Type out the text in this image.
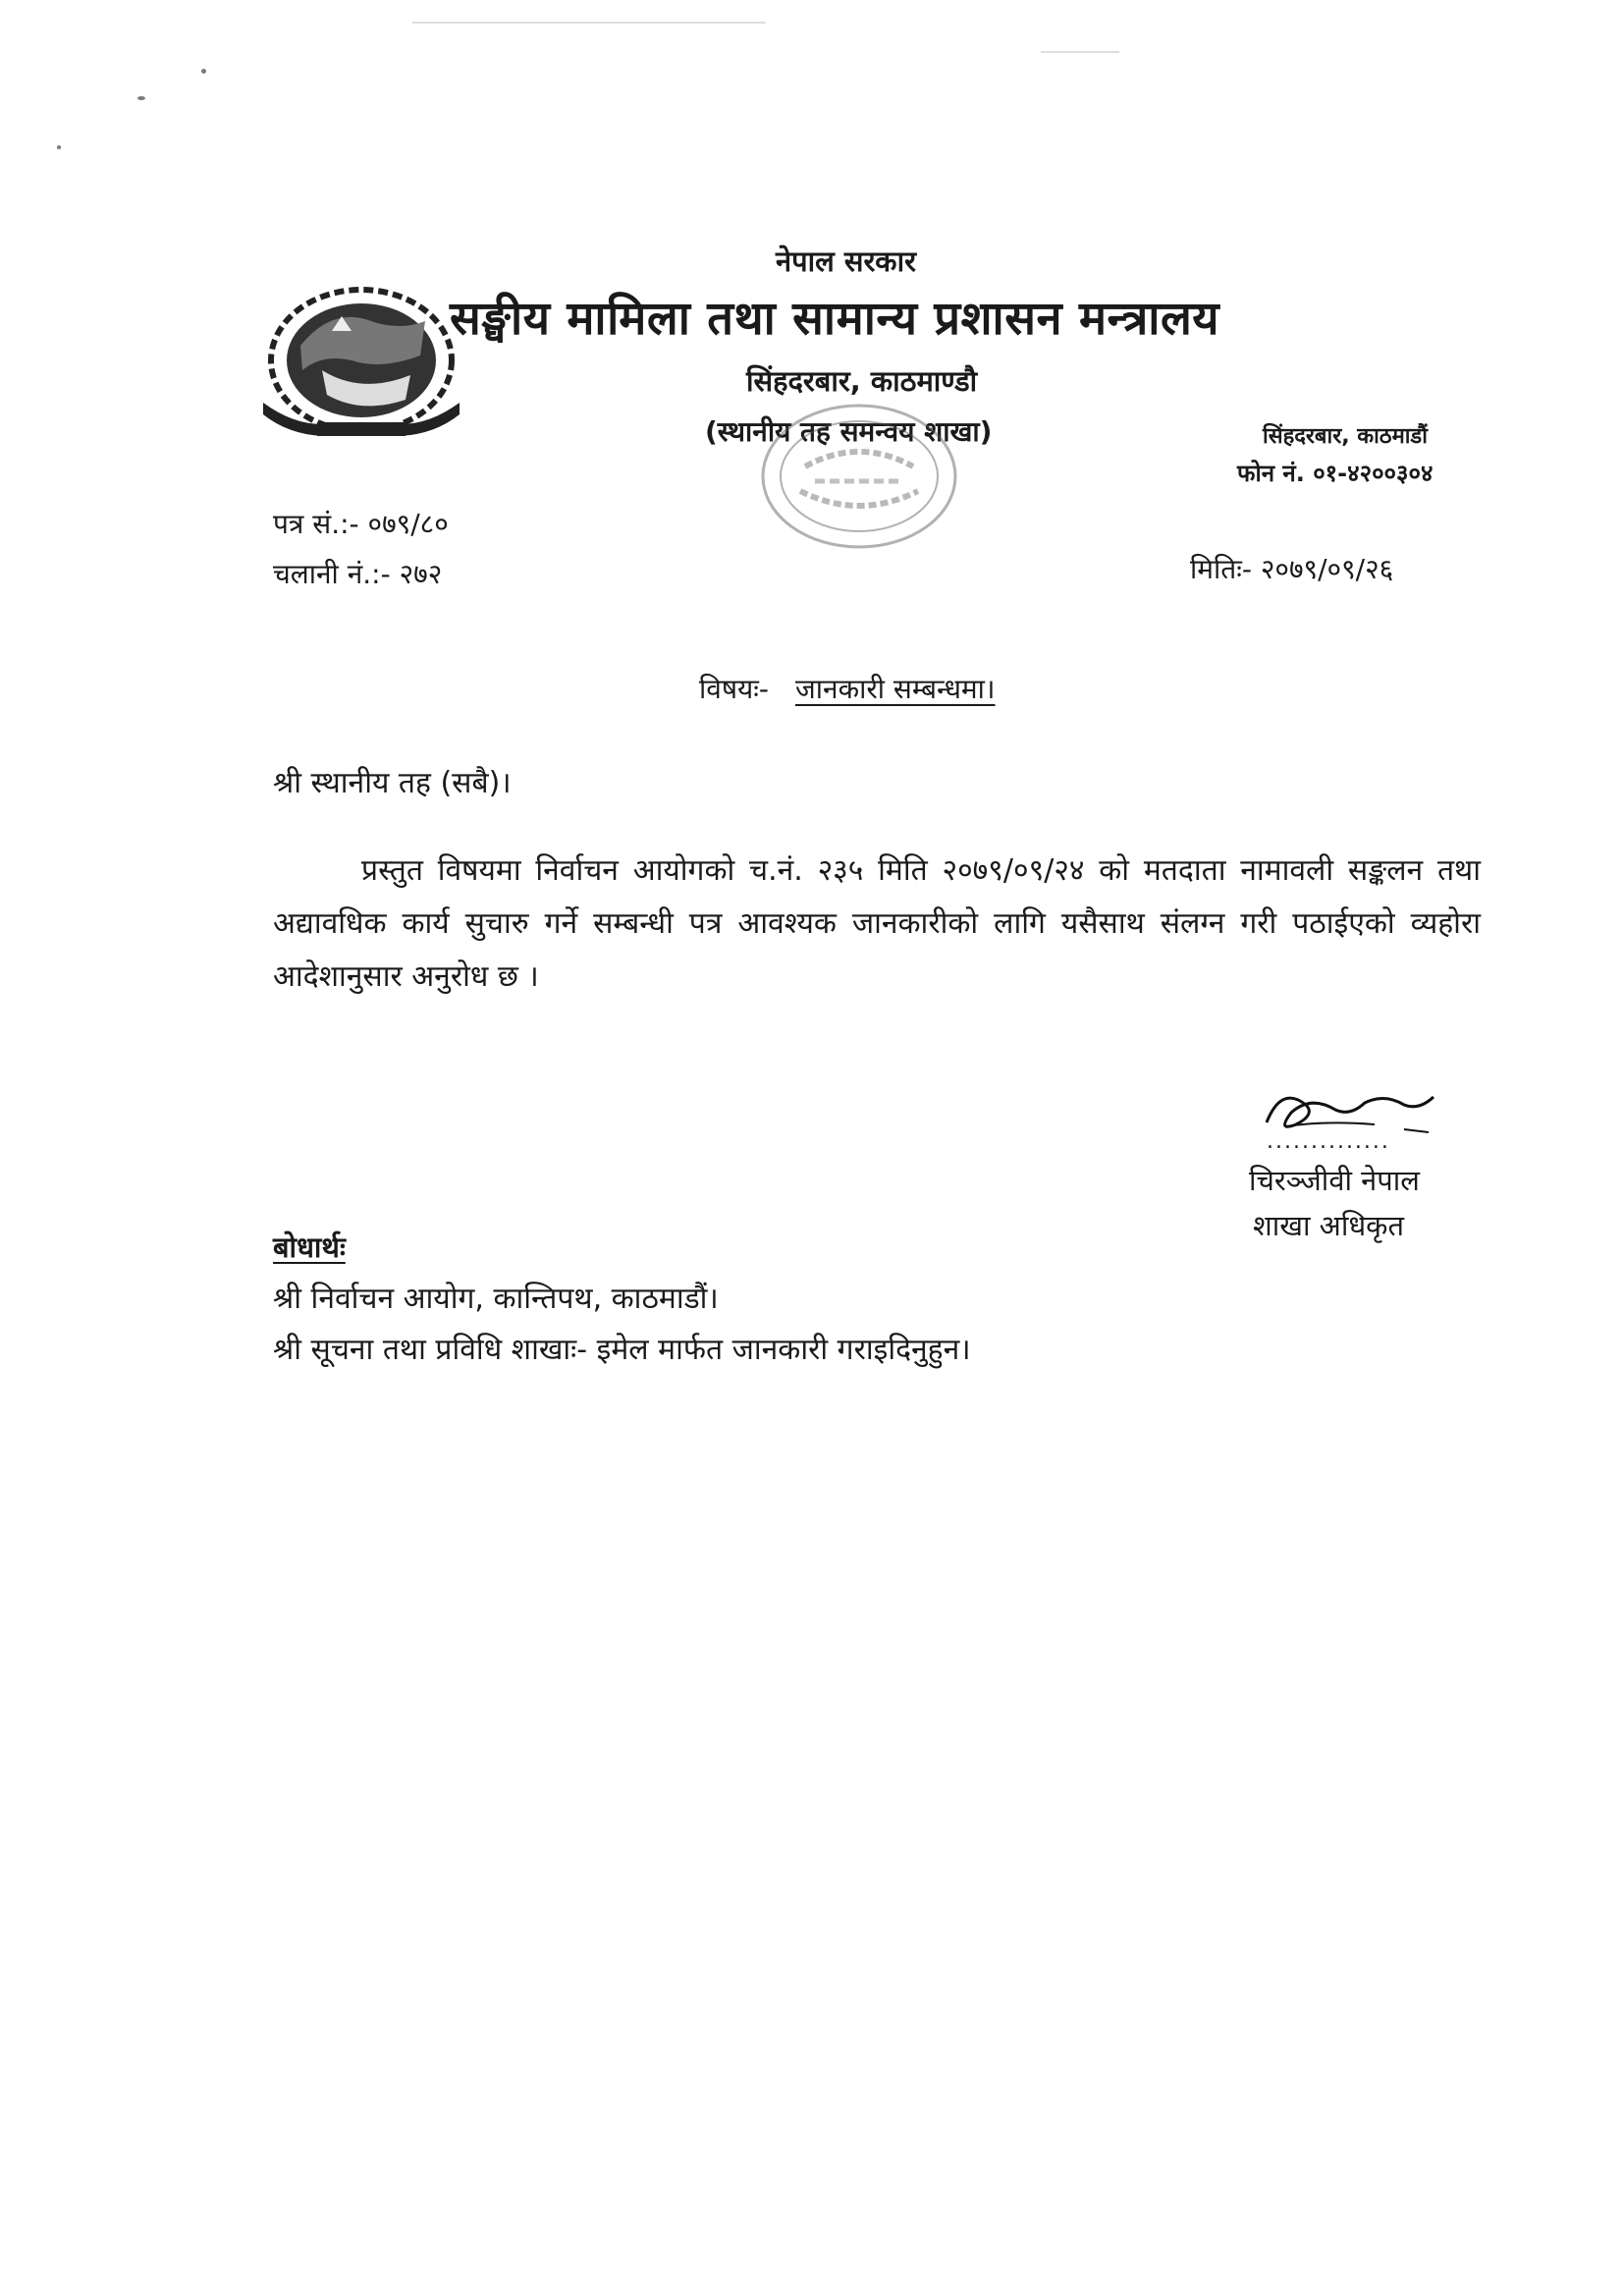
नेपाल सरकार
सङ्घीय मामिला तथा सामान्य प्रशासन मन्त्रालय
सिंहदरबार, काठमाण्डौ
(स्थानीय तह समन्वय शाखा)	सिंहदरबार, काठमाडौं
फोन नं. ०१-४२००३०४
पत्र सं.:- ०७९/८०
चलानी नं.:- २७२	मितिः- २०७९/०९/२६
विषयः- जानकारी सम्बन्धमा।
श्री स्थानीय तह (सबै)।
प्रस्तुत विषयमा निर्वाचन आयोगको च.नं. २३५ मिति २०७९/०९/२४ को मतदाता नामावली सङ्कलन तथा अद्यावधिक कार्य सुचारु गर्ने सम्बन्धी पत्र आवश्यक जानकारीको लागि यसैसाथ संलग्न गरी पठाईएको व्यहोरा आदेशानुसार अनुरोध छ ।
..............
चिरञ्जीवी नेपाल
शाखा अधिकृत
बोधार्थः
श्री निर्वाचन आयोग, कान्तिपथ, काठमाडौं।
श्री सूचना तथा प्रविधि शाखाः- इमेल मार्फत जानकारी गराइदिनुहुन।
